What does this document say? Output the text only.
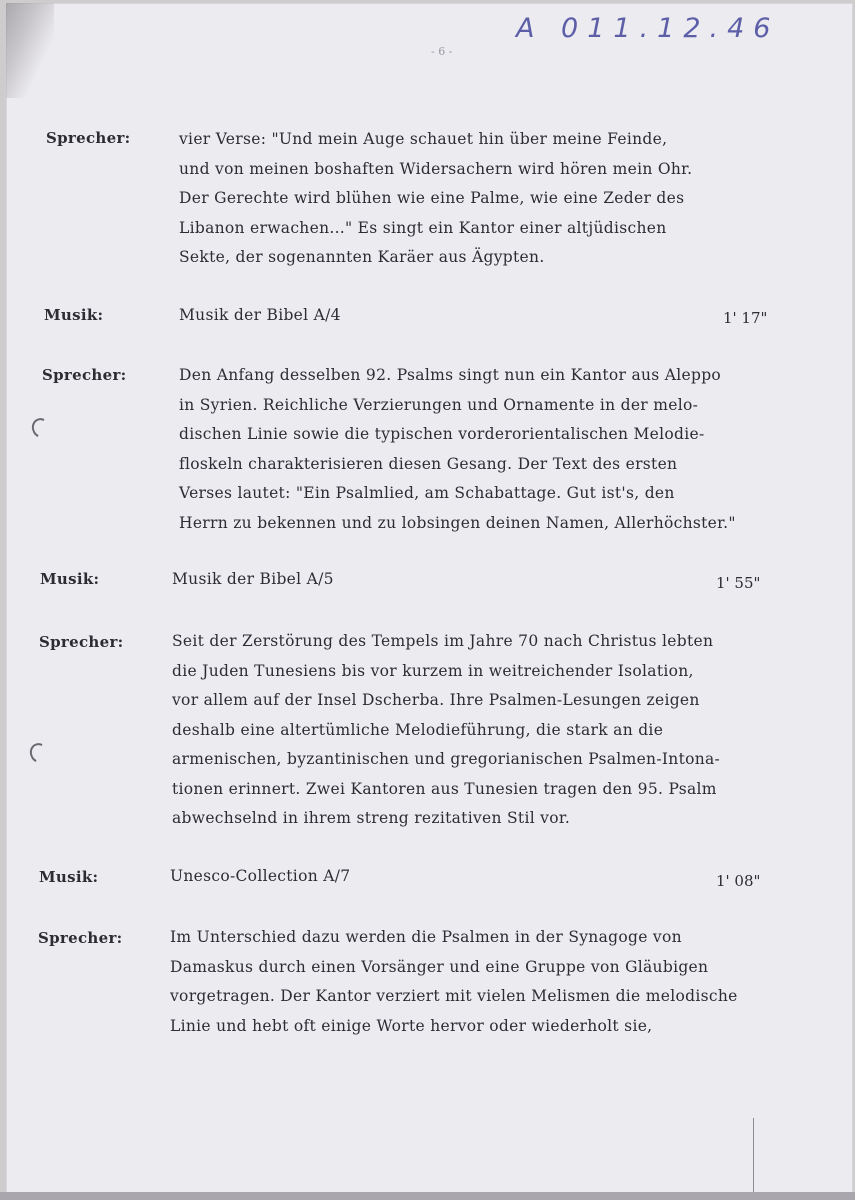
A 011.12.46
- 6 -
Sprecher:	vier Verse: "Und mein Auge schauet hin über meine Feinde,
und von meinen boshaften Widersachern wird hören mein Ohr.
Der Gerechte wird blühen wie eine Palme, wie eine Zeder des
Libanon erwachen..." Es singt ein Kantor einer altjüdischen
Sekte, der sogenannten Karäer aus Ägypten.
Musik:	Musik der Bibel A/4	1' 17"
Sprecher:	Den Anfang desselben 92. Psalms singt nun ein Kantor aus Aleppo
in Syrien. Reichliche Verzierungen und Ornamente in der melo-
dischen Linie sowie die typischen vorderorientalischen Melodie-
floskeln charakterisieren diesen Gesang. Der Text des ersten
Verses lautet: "Ein Psalmlied, am Schabattage. Gut ist's, den
Herrn zu bekennen und zu lobsingen deinen Namen, Allerhöchster."
Musik:	Musik der Bibel A/5	1' 55"
Sprecher:	Seit der Zerstörung des Tempels im Jahre 70 nach Christus lebten
die Juden Tunesiens bis vor kurzem in weitreichender Isolation,
vor allem auf der Insel Dscherba. Ihre Psalmen-Lesungen zeigen
deshalb eine altertümliche Melodieführung, die stark an die
armenischen, byzantinischen und gregorianischen Psalmen-Intona-
tionen erinnert. Zwei Kantoren aus Tunesien tragen den 95. Psalm
abwechselnd in ihrem streng rezitativen Stil vor.
Musik:	Unesco-Collection A/7	1' 08"
Sprecher:	Im Unterschied dazu werden die Psalmen in der Synagoge von
Damaskus durch einen Vorsänger und eine Gruppe von Gläubigen
vorgetragen. Der Kantor verziert mit vielen Melismen die melodische
Linie und hebt oft einige Worte hervor oder wiederholt sie,
